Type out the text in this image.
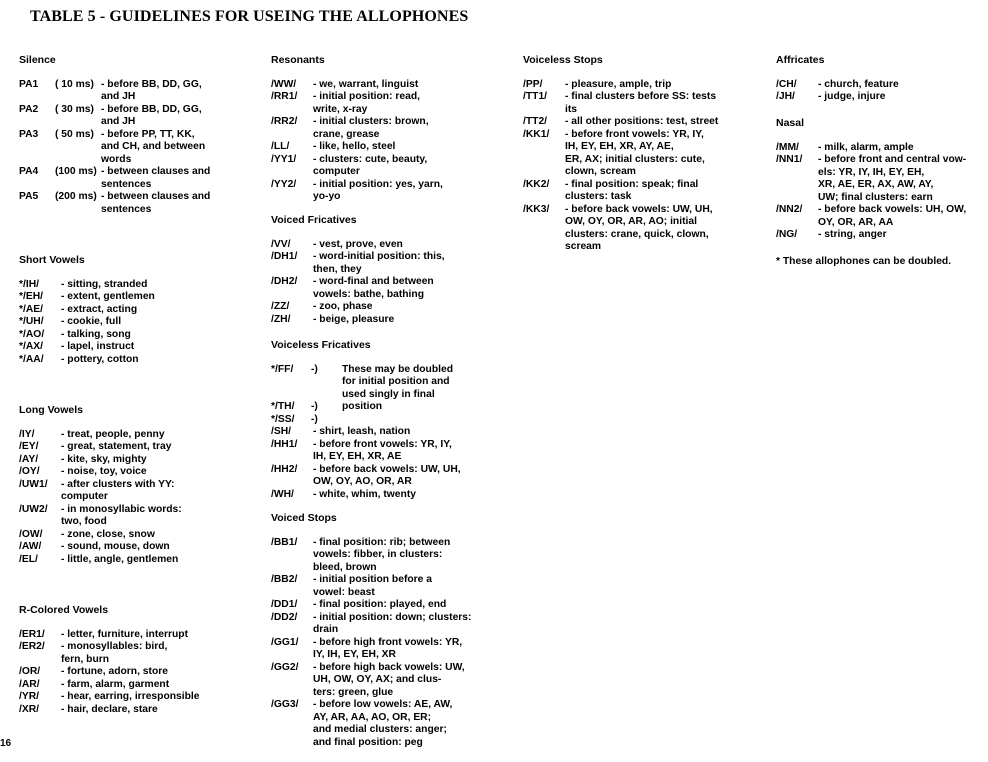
TABLE 5 - GUIDELINES FOR USEING THE ALLOPHONES
Silence
PA1	( 10 ms) - before BB, DD, GG,
and JH
PA2	( 30 ms) - before BB, DD, GG,
and JH
PA3	( 50 ms) - before PP, TT, KK,
and CH, and between
words
PA4	(100 ms) - between clauses and
sentences
PA5	(200 ms) - between clauses and
sentences
Short Vowels
*/IH/	- sitting, stranded
*/EH/	- extent, gentlemen
*/AE/	- extract, acting
*/UH/	- cookie, full
*/AO/	- talking, song
*/AX/	- lapel, instruct
*/AA/	- pottery, cotton
Long Vowels
/IY/	- treat, people, penny
/EY/	- great, statement, tray
/AY/	- kite, sky, mighty
/OY/	- noise, toy, voice
/UW1/	- after clusters with YY:
computer
/UW2/	- in monosyllabic words:
two, food
/OW/	- zone, close, snow
/AW/	- sound, mouse, down
/EL/	- little, angle, gentlemen
R-Colored Vowels
/ER1/	- letter, furniture, interrupt
/ER2/	- monosyllables: bird,
fern, burn
/OR/	- fortune, adorn, store
/AR/	- farm, alarm, garment
/YR/	- hear, earring, irresponsible
/XR/	- hair, declare, stare
Resonants
/WW/	- we, warrant, linguist
/RR1/	- initial position: read,
write, x-ray
/RR2/	- initial clusters: brown,
crane, grease
/LL/	- like, hello, steel
/YY1/	- clusters: cute, beauty,
computer
/YY2/	- initial position: yes, yarn,
yo-yo
Voiced Fricatives
/VV/	- vest, prove, even
/DH1/	- word-initial position: this,
then, they
/DH2/	- word-final and between
vowels: bathe, bathing
/ZZ/	- zoo, phase
/ZH/	- beige, pleasure
Voiceless Fricatives
*/FF/	-)	These may be doubled
for initial position and
used singly in final
*/TH/	-)	position
*/SS/	-)
/SH/	- shirt, leash, nation
/HH1/	- before front vowels: YR, IY,
IH, EY, EH, XR, AE
/HH2/	- before back vowels: UW, UH,
OW, OY, AO, OR, AR
/WH/	- white, whim, twenty
Voiced Stops
/BB1/	- final position: rib; between
vowels: fibber, in clusters:
bleed, brown
/BB2/	- initial position before a
vowel: beast
/DD1/	- final position: played, end
/DD2/	- initial position: down; clusters:
drain
/GG1/	- before high front vowels: YR,
IY, IH, EY, EH, XR
/GG2/	- before high back vowels: UW,
UH, OW, OY, AX; and clus-
ters: green, glue
/GG3/	- before low vowels: AE, AW,
AY, AR, AA, AO, OR, ER;
and medial clusters: anger;
and final position: peg
Voiceless Stops
/PP/	- pleasure, ample, trip
/TT1/	- final clusters before SS: tests
its
/TT2/	- all other positions: test, street
/KK1/	- before front vowels: YR, IY,
IH, EY, EH, XR, AY, AE,
ER, AX; initial clusters: cute,
clown, scream
/KK2/	- final position: speak; final
clusters: task
/KK3/	- before back vowels: UW, UH,
OW, OY, OR, AR, AO; initial
clusters: crane, quick, clown,
scream
Affricates
/CH/	- church, feature
/JH/	- judge, injure
Nasal
/MM/	- milk, alarm, ample
/NN1/	- before front and central vow-
els: YR, IY, IH, EY, EH,
XR, AE, ER, AX, AW, AY,
UW; final clusters: earn
/NN2/	- before back vowels: UH, OW,
OY, OR, AR, AA
/NG/	- string, anger
* These allophones can be doubled.
16
